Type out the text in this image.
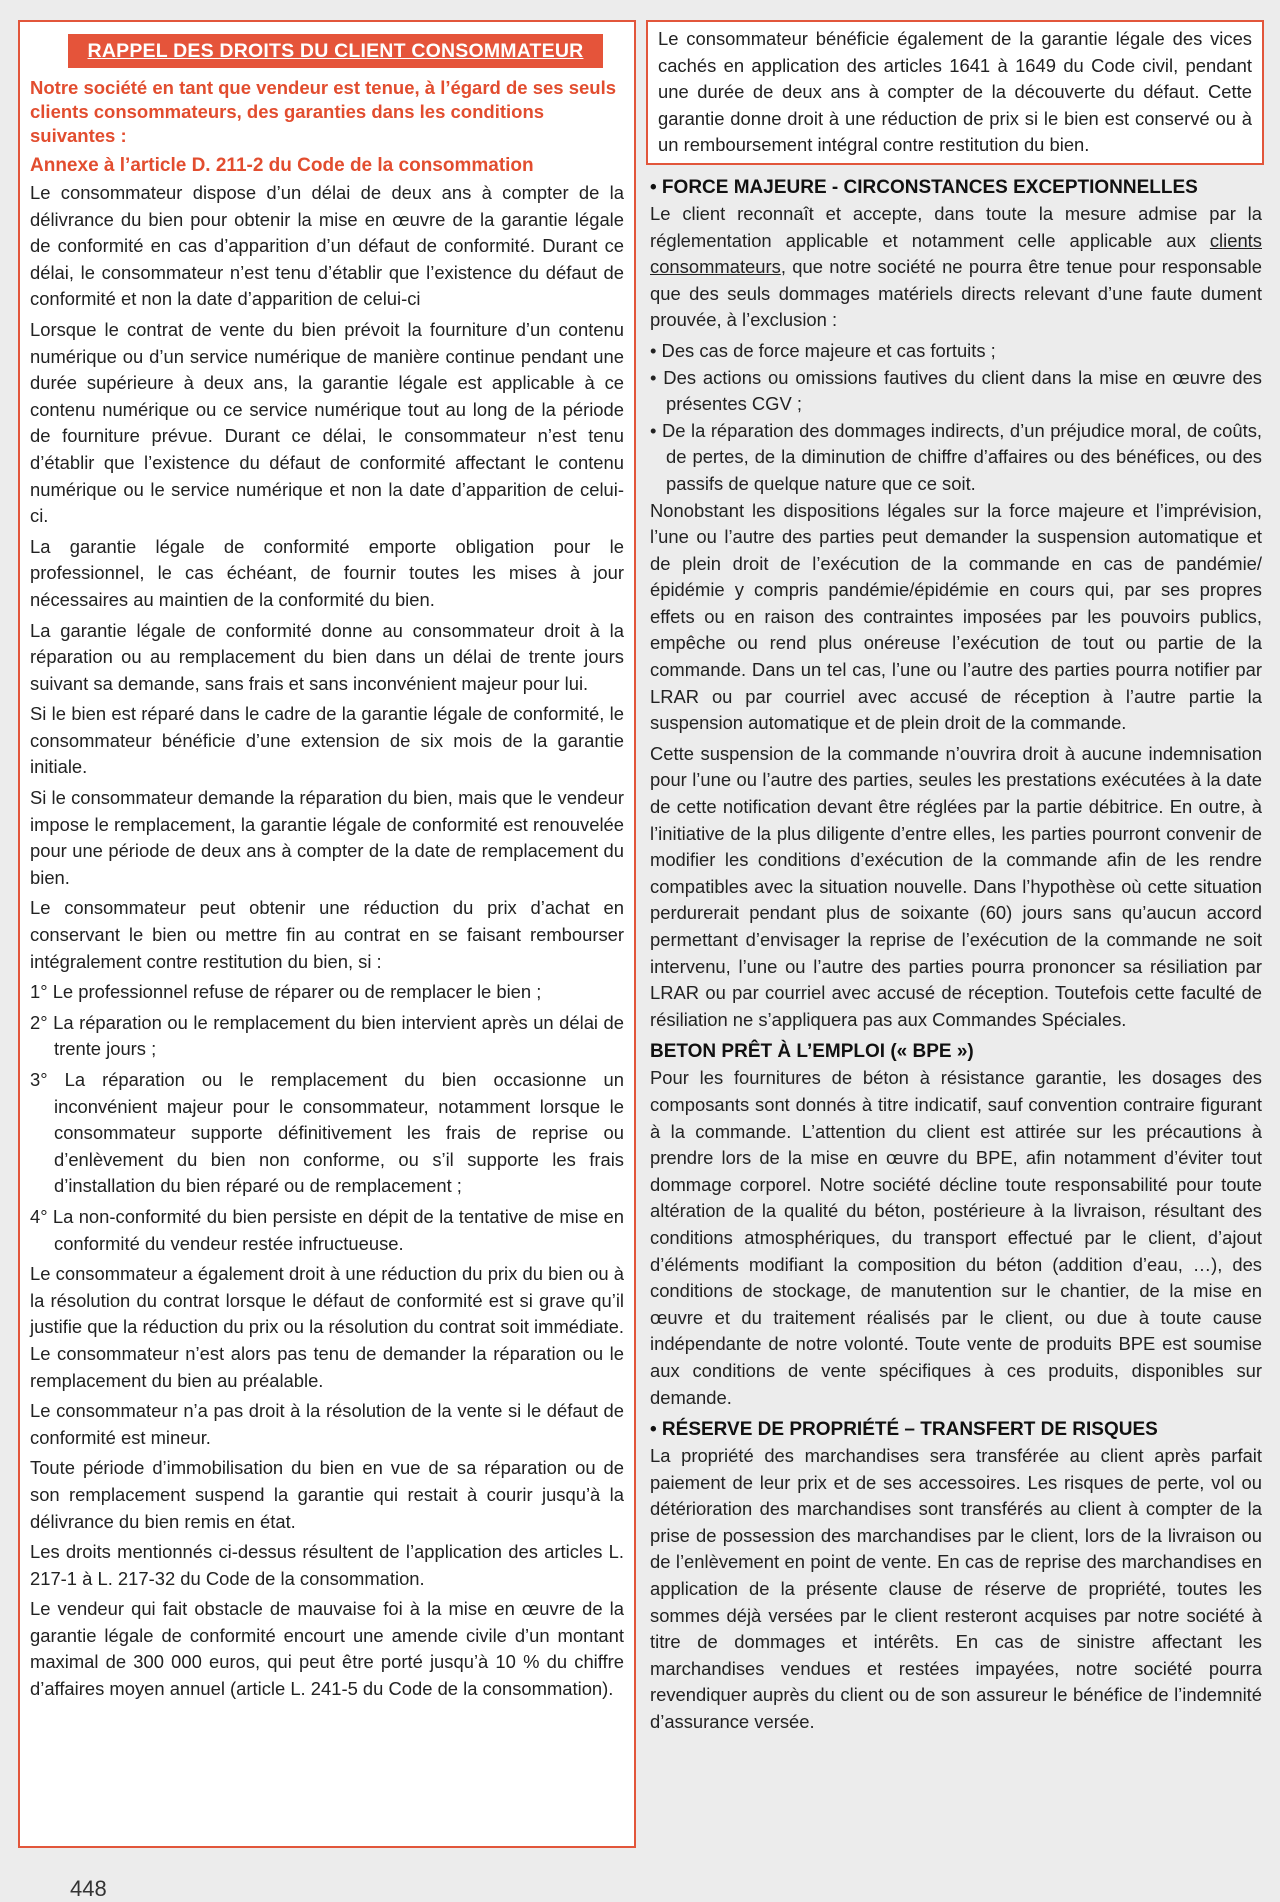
RAPPEL DES DROITS DU CLIENT CONSOMMATEUR

Notre société en tant que vendeur est tenue, à l’égard de ses seuls clients consommateurs, des garanties dans les conditions suivantes :

Annexe à l’article D. 211-2 du Code de la consommation

Le consommateur dispose d’un délai de deux ans à compter de la délivrance du bien pour obtenir la mise en œuvre de la garantie légale de conformité en cas d’apparition d’un défaut de conformité. Durant ce délai, le consommateur n’est tenu d’établir que l’existence du défaut de conformité et non la date d’apparition de celui-ci

Lorsque le contrat de vente du bien prévoit la fourniture d’un contenu numérique ou d’un service numérique de manière continue pendant une durée supérieure à deux ans, la garantie légale est applicable à ce contenu numérique ou ce service numérique tout au long de la période de fourniture prévue. Durant ce délai, le consommateur n’est tenu d’établir que l’existence du défaut de conformité affectant le contenu numérique ou le service numérique et non la date d’apparition de celui-ci.

La garantie légale de conformité emporte obligation pour le professionnel, le cas échéant, de fournir toutes les mises à jour nécessaires au maintien de la conformité du bien.

La garantie légale de conformité donne au consommateur droit à la réparation ou au remplacement du bien dans un délai de trente jours suivant sa demande, sans frais et sans inconvénient majeur pour lui.

Si le bien est réparé dans le cadre de la garantie légale de conformité, le consommateur bénéficie d’une extension de six mois de la garantie initiale.

Si le consommateur demande la réparation du bien, mais que le vendeur impose le remplacement, la garantie légale de conformité est renouvelée pour une période de deux ans à compter de la date de remplacement du bien.

Le consommateur peut obtenir une réduction du prix d’achat en conservant le bien ou mettre fin au contrat en se faisant rembourser intégralement contre restitution du bien, si :

1° Le professionnel refuse de réparer ou de remplacer le bien ;

2° La réparation ou le remplacement du bien intervient après un délai de trente jours ;

3° La réparation ou le remplacement du bien occasionne un inconvénient majeur pour le consommateur, notamment lorsque le consommateur supporte définitivement les frais de reprise ou d’enlèvement du bien non conforme, ou s’il supporte les frais d’installation du bien réparé ou de remplacement ;

4° La non-conformité du bien persiste en dépit de la tentative de mise en conformité du vendeur restée infructueuse.

Le consommateur a également droit à une réduction du prix du bien ou à la résolution du contrat lorsque le défaut de conformité est si grave qu’il justifie que la réduction du prix ou la résolution du contrat soit immédiate. Le consommateur n’est alors pas tenu de demander la réparation ou le remplacement du bien au préalable.

Le consommateur n’a pas droit à la résolution de la vente si le défaut de conformité est mineur.

Toute période d’immobilisation du bien en vue de sa réparation ou de son remplacement suspend la garantie qui restait à courir jusqu’à la délivrance du bien remis en état.

Les droits mentionnés ci-dessus résultent de l’application des articles L. 217-1 à L. 217-32 du Code de la consommation.

Le vendeur qui fait obstacle de mauvaise foi à la mise en œuvre de la garantie légale de conformité encourt une amende civile d’un montant maximal de 300 000 euros, qui peut être porté jusqu’à 10 % du chiffre d’affaires moyen annuel (article L. 241-5 du Code de la consommation).

Le consommateur bénéficie également de la garantie légale des vices cachés en application des articles 1641 à 1649 du Code civil, pendant une durée de deux ans à compter de la découverte du défaut. Cette garantie donne droit à une réduction de prix si le bien est conservé ou à un remboursement intégral contre restitution du bien.

• FORCE MAJEURE - CIRCONSTANCES EXCEPTIONNELLES

Le client reconnaît et accepte, dans toute la mesure admise par la réglementation applicable et notamment celle applicable aux clients consommateurs, que notre société ne pourra être tenue pour responsable que des seuls dommages matériels directs relevant d’une faute dument prouvée, à l’exclusion :

• Des cas de force majeure et cas fortuits ;

• Des actions ou omissions fautives du client dans la mise en œuvre des présentes CGV ;

• De la réparation des dommages indirects, d’un préjudice moral, de coûts, de pertes, de la diminution de chiffre d’affaires ou des bénéfices, ou des passifs de quelque nature que ce soit.

Nonobstant les dispositions légales sur la force majeure et l’imprévision, l’une ou l’autre des parties peut demander la suspension automatique et de plein droit de l’exécution de la commande en cas de pandémie/épidémie y compris pandémie/épidémie en cours qui, par ses propres effets ou en raison des contraintes imposées par les pouvoirs publics, empêche ou rend plus onéreuse l’exécution de tout ou partie de la commande. Dans un tel cas, l’une ou l’autre des parties pourra notifier par LRAR ou par courriel avec accusé de réception à l’autre partie la suspension automatique et de plein droit de la commande.

Cette suspension de la commande n’ouvrira droit à aucune indemnisation pour l’une ou l’autre des parties, seules les prestations exécutées à la date de cette notification devant être réglées par la partie débitrice. En outre, à l’initiative de la plus diligente d’entre elles, les parties pourront convenir de modifier les conditions d’exécution de la commande afin de les rendre compatibles avec la situation nouvelle. Dans l’hypothèse où cette situation perdurerait pendant plus de soixante (60) jours sans qu’aucun accord permettant d’envisager la reprise de l’exécution de la commande ne soit intervenu, l’une ou l’autre des parties pourra prononcer sa résiliation par LRAR ou par courriel avec accusé de réception. Toutefois cette faculté de résiliation ne s’appliquera pas aux Commandes Spéciales.

BETON PRÊT À L’EMPLOI (« BPE »)

Pour les fournitures de béton à résistance garantie, les dosages des composants sont donnés à titre indicatif, sauf convention contraire figurant à la commande. L’attention du client est attirée sur les précautions à prendre lors de la mise en œuvre du BPE, afin notamment d’éviter tout dommage corporel. Notre société décline toute responsabilité pour toute altération de la qualité du béton, postérieure à la livraison, résultant des conditions atmosphériques, du transport effectué par le client, d’ajout d’éléments modifiant la composition du béton (addition d’eau, …), des conditions de stockage, de manutention sur le chantier, de la mise en œuvre et du traitement réalisés par le client, ou due à toute cause indépendante de notre volonté. Toute vente de produits BPE est soumise aux conditions de vente spécifiques à ces produits, disponibles sur demande.

• RÉSERVE DE PROPRIÉTÉ – TRANSFERT DE RISQUES

La propriété des marchandises sera transférée au client après parfait paiement de leur prix et de ses accessoires. Les risques de perte, vol ou détérioration des marchandises sont transférés au client à compter de la prise de possession des marchandises par le client, lors de la livraison ou de l’enlèvement en point de vente. En cas de reprise des marchandises en application de la présente clause de réserve de propriété, toutes les sommes déjà versées par le client resteront acquises par notre société à titre de dommages et intérêts. En cas de sinistre affectant les marchandises vendues et restées impayées, notre société pourra revendiquer auprès du client ou de son assureur le bénéfice de l’indemnité d’assurance versée.

448
